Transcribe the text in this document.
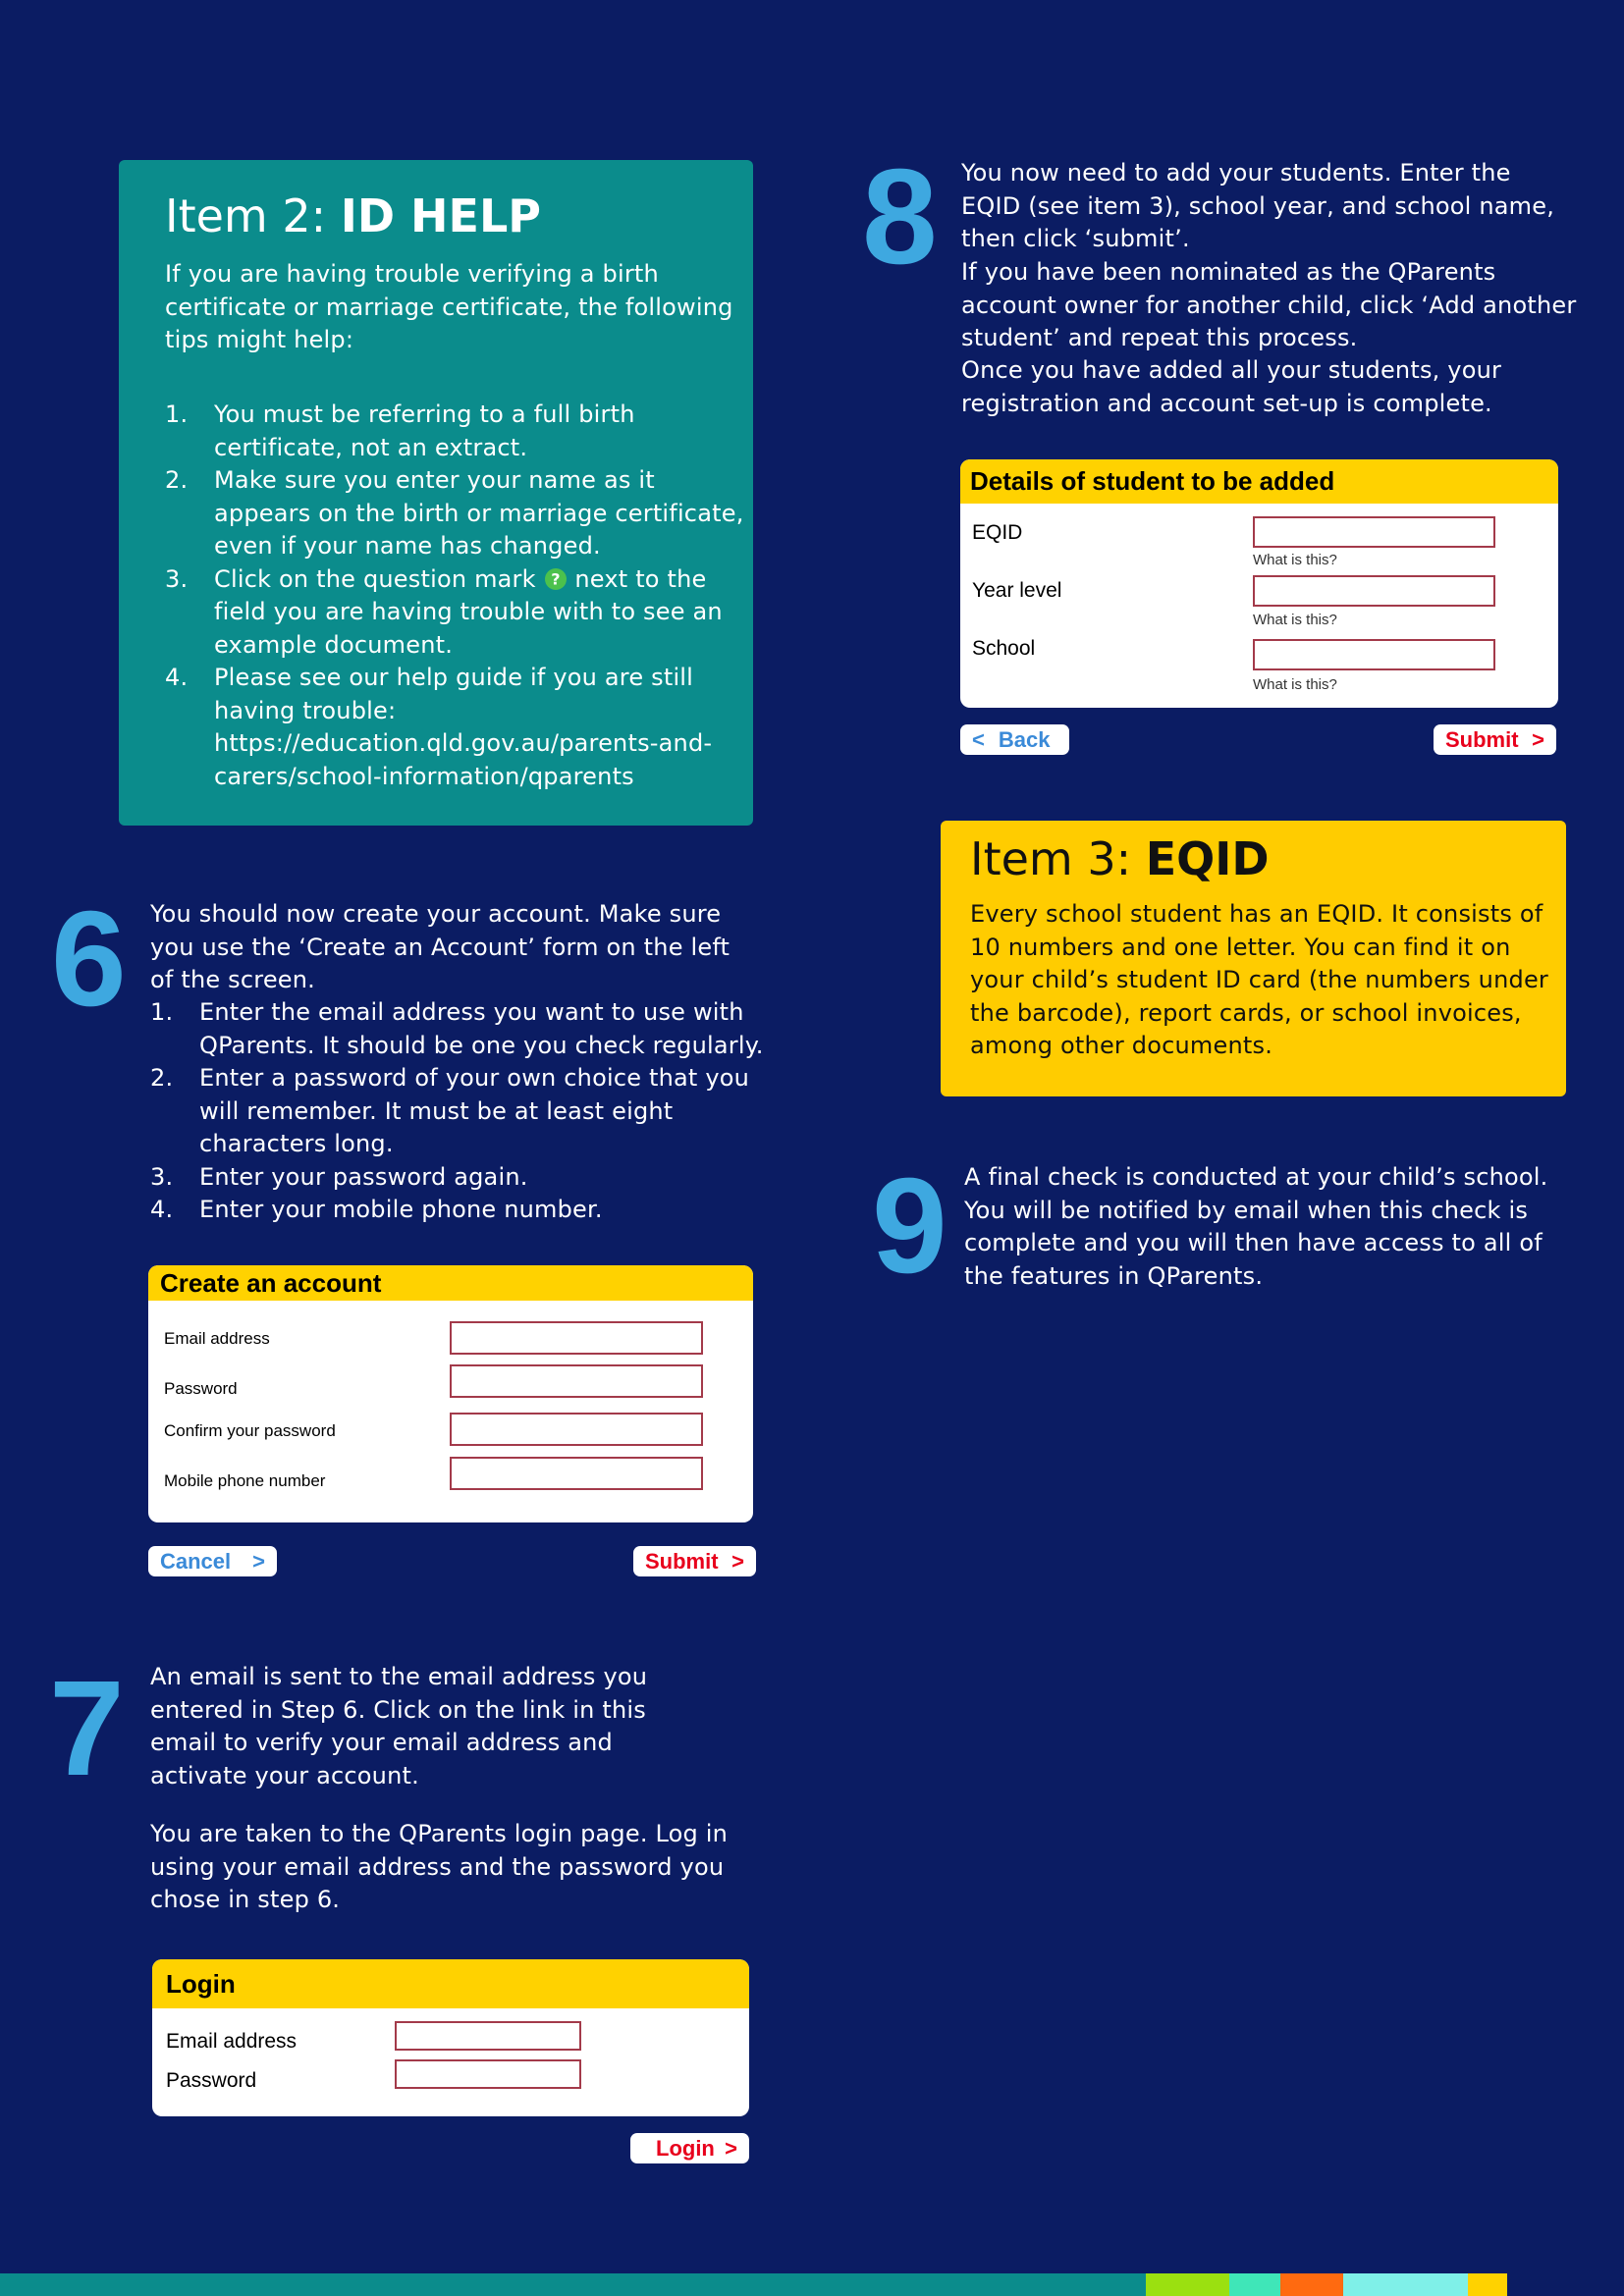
Item 2: ID HELP
If you are having trouble verifying a birth certificate or marriage certificate, the following tips might help:
1. You must be referring to a full birth certificate, not an extract.
2. Make sure you enter your name as it appears on the birth or marriage certificate, even if your name has changed.
3. Click on the question mark ? next to the field you are having trouble with to see an example document.
4. Please see our help guide if you are still having trouble: https://education.qld.gov.au/parents-and-carers/school-information/qparents
6 You should now create your account. Make sure you use the ‘Create an Account’ form on the left of the screen.
1. Enter the email address you want to use with QParents. It should be one you check regularly.
2. Enter a password of your own choice that you will remember. It must be at least eight characters long.
3. Enter your password again.
4. Enter your mobile phone number.
Create an account
Email address
Password
Confirm your password
Mobile phone number
Cancel >	Submit >
7 An email is sent to the email address you entered in Step 6. Click on the link in this email to verify your email address and activate your account.
You are taken to the QParents login page. Log in using your email address and the password you chose in step 6.
Login
Email address
Password
Login >
8 You now need to add your students. Enter the EQID (see item 3), school year, and school name, then click ‘submit’.
If you have been nominated as the QParents account owner for another child, click ‘Add another student’ and repeat this process.
Once you have added all your students, your registration and account set-up is complete.
Details of student to be added
EQID
What is this?
Year level
What is this?
School
What is this?
< Back	Submit >
Item 3: EQID
Every school student has an EQID. It consists of 10 numbers and one letter. You can find it on your child’s student ID card (the numbers under the barcode), report cards, or school invoices, among other documents.
9 A final check is conducted at your child’s school. You will be notified by email when this check is complete and you will then have access to all of the features in QParents.
